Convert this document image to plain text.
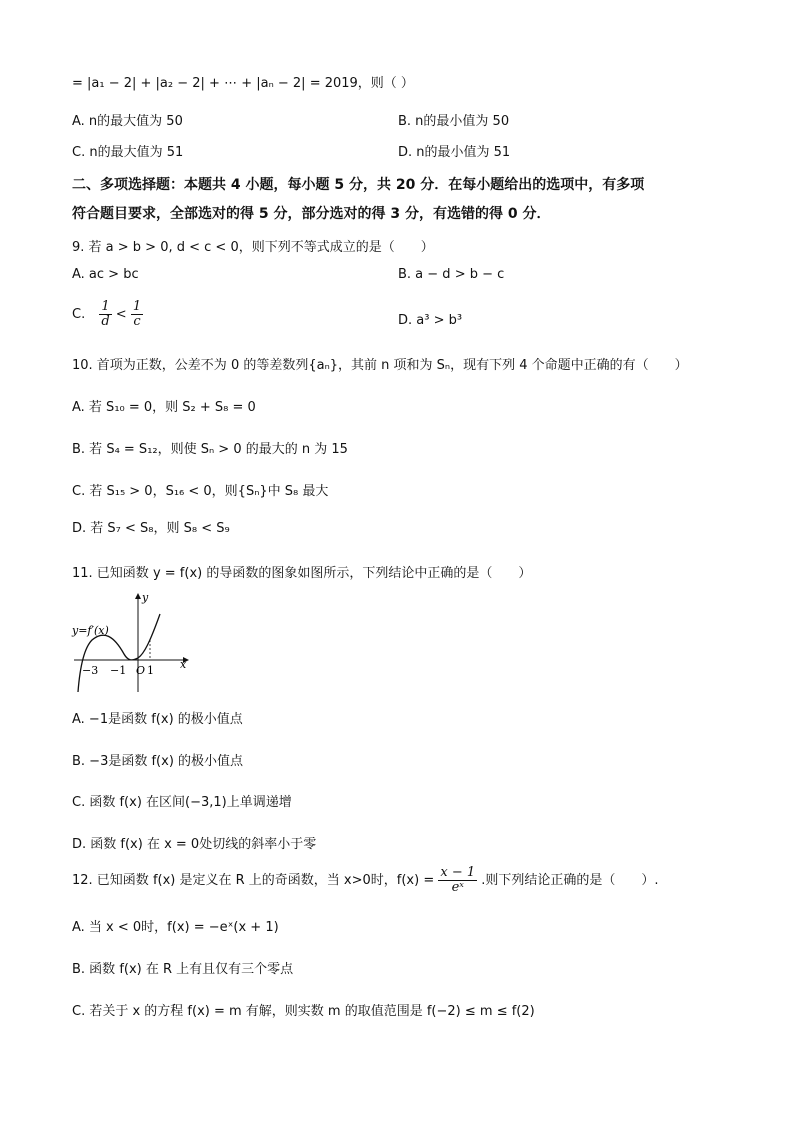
= |a₁ − 2| + |a₂ − 2| + ⋯ + |aₙ − 2| = 2019，则（ ）
A. n的最大值为 50	B. n的最小值为 50
C. n的最大值为 51	D. n的最小值为 51
二、多项选择题：本题共 4 小题，每小题 5 分，共 20 分．在每小题给出的选项中，有多项
符合题目要求，全部选对的得 5 分，部分选对的得 3 分，有选错的得 0 分．
9. 若 a > b > 0, d < c < 0，则下列不等式成立的是（　　）
A. ac > bc	B. a − d > b − c
C. $\frac{1}{d} < \frac{1}{c}$	D. a³ > b³
10. 首项为正数，公差不为 0 的等差数列{aₙ}，其前 n 项和为 Sₙ，现有下列 4 个命题中正确的有（　　）
A. 若 S₁₀ = 0，则 S₂ + S₈ = 0
B. 若 S₄ = S₁₂，则使 Sₙ > 0 的最大的 n 为 15
C. 若 S₁₅ > 0，S₁₆ < 0，则{Sₙ}中 S₈ 最大
D. 若 S₇ < S₈，则 S₈ < S₉
11. 已知函数 y = f(x) 的导函数的图象如图所示，下列结论中正确的是（　　）
y=f′(x)
y
x
−3 −1 O 1
A. −1是函数 f(x) 的极小值点
B. −3是函数 f(x) 的极小值点
C. 函数 f(x) 在区间(−3,1)上单调递增
D. 函数 f(x) 在 x = 0处切线的斜率小于零
12. 已知函数 f(x) 是定义在 R 上的奇函数，当 x>0时，$f(x) = \frac{x - 1}{\text{eˣ}}$ .则下列结论正确的是（　　）.
A. 当 x < 0时，f(x) = −eˣ(x + 1)
B. 函数 f(x) 在 R 上有且仅有三个零点
C. 若关于 x 的方程 f(x) = m 有解，则实数 m 的取值范围是 f(−2) ≤ m ≤ f(2)
